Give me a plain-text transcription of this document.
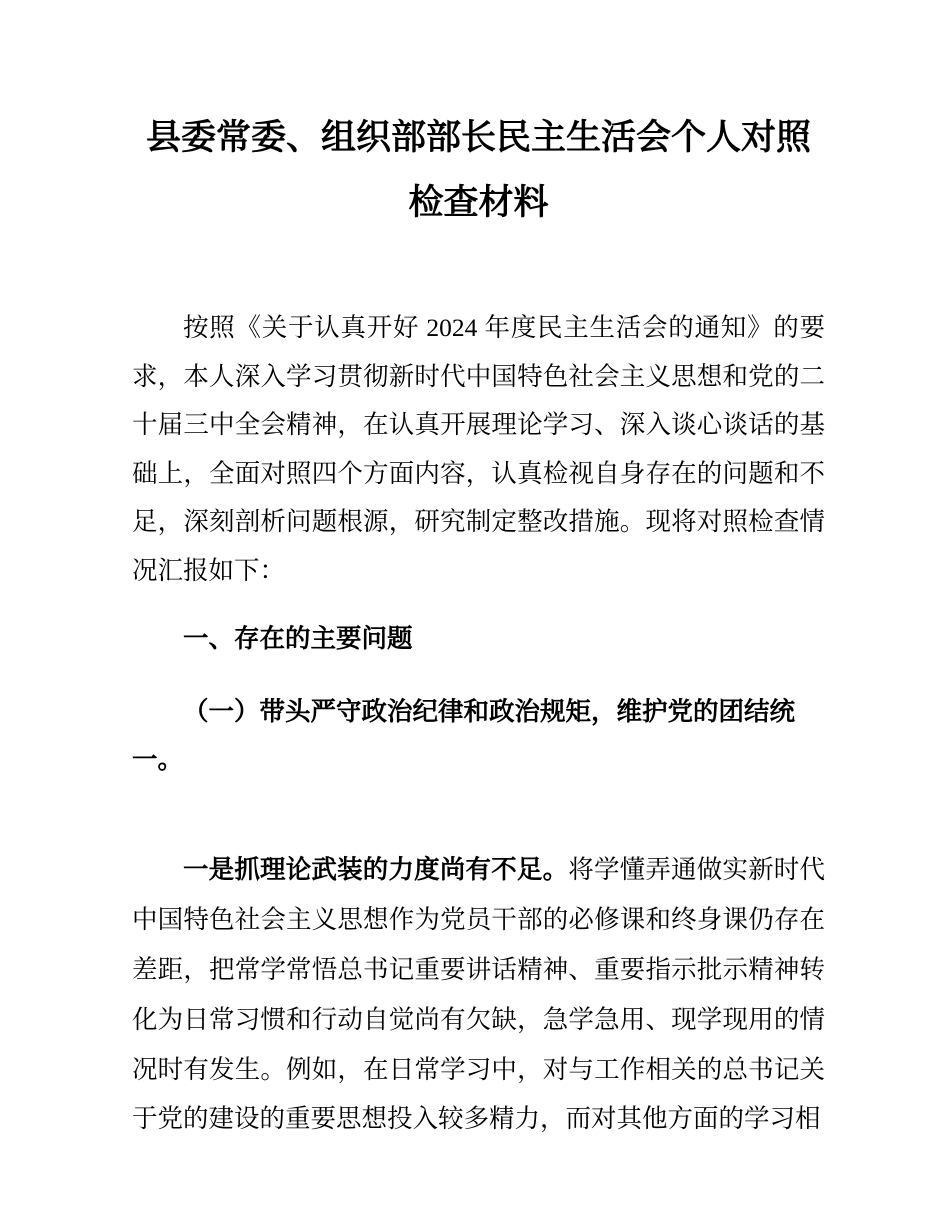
县委常委、组织部部长民主生活会个人对照检查材料

按照《关于认真开好 2024 年度民主生活会的通知》的要求，本人深入学习贯彻新时代中国特色社会主义思想和党的二十届三中全会精神，在认真开展理论学习、深入谈心谈话的基础上，全面对照四个方面内容，认真检视自身存在的问题和不足，深刻剖析问题根源，研究制定整改措施。现将对照检查情况汇报如下：

一、存在的主要问题

（一）带头严守政治纪律和政治规矩，维护党的团结统一。

一是抓理论武装的力度尚有不足。将学懂弄通做实新时代中国特色社会主义思想作为党员干部的必修课和终身课仍存在差距，把常学常悟总书记重要讲话精神、重要指示批示精神转化为日常习惯和行动自觉尚有欠缺，急学急用、现学现用的情况时有发生。例如，在日常学习中，对与工作相关的总书记关于党的建设的重要思想投入较多精力，而对其他方面的学习相
